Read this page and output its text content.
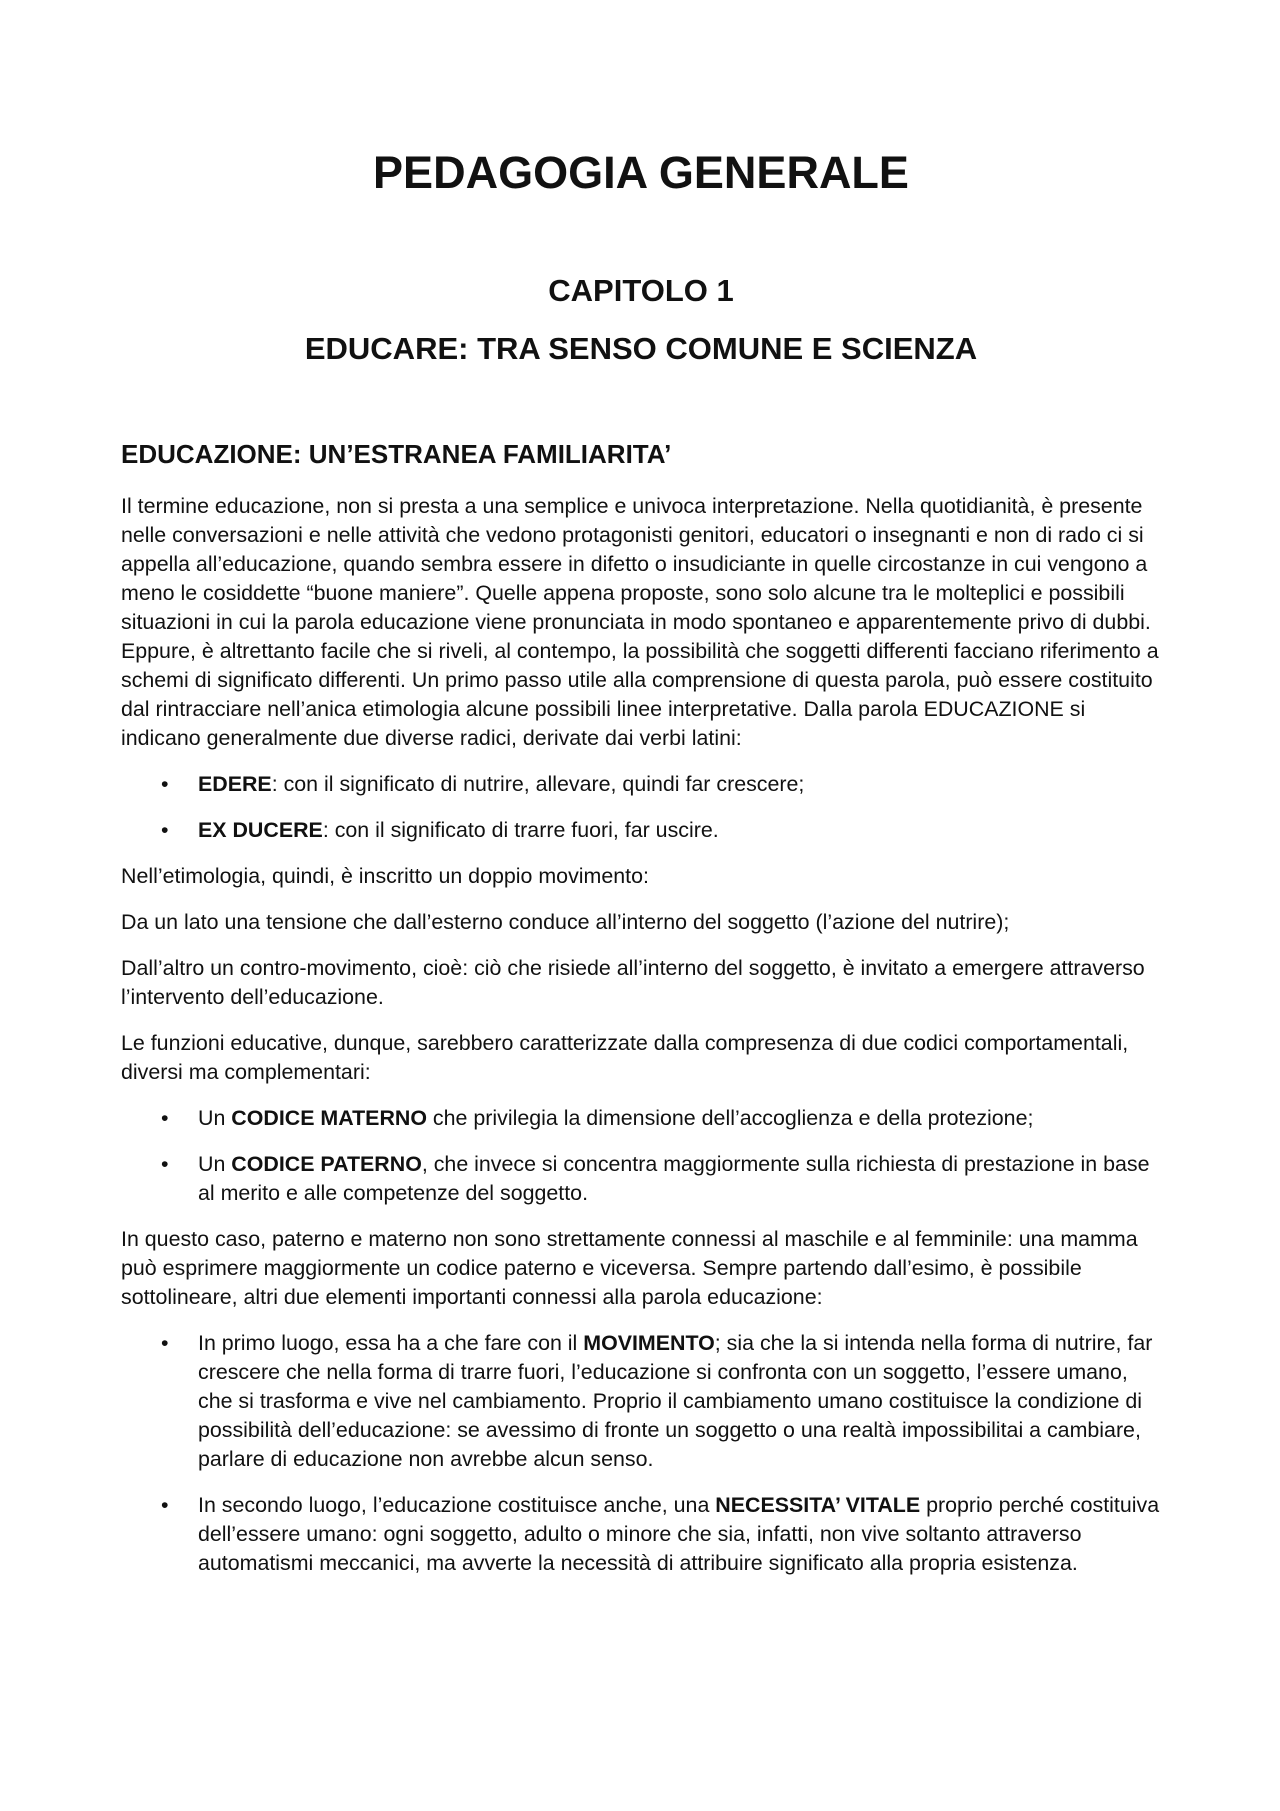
PEDAGOGIA GENERALE
CAPITOLO 1
EDUCARE: TRA SENSO COMUNE E SCIENZA
EDUCAZIONE: UN’ESTRANEA FAMILIARITA’

Il termine educazione, non si presta a una semplice e univoca interpretazione. Nella quotidianità, è presente nelle conversazioni e nelle attività che vedono protagonisti genitori, educatori o insegnanti e non di rado ci si appella all’educazione, quando sembra essere in difetto o insudiciante in quelle circostanze in cui vengono a meno le cosiddette “buone maniere”. Quelle appena proposte, sono solo alcune tra le molteplici e possibili situazioni in cui la parola educazione viene pronunciata in modo spontaneo e apparentemente privo di dubbi. Eppure, è altrettanto facile che si riveli, al contempo, la possibilità che soggetti differenti facciano riferimento a schemi di significato differenti. Un primo passo utile alla comprensione di questa parola, può essere costituito dal rintracciare nell’anica etimologia alcune possibili linee interpretative. Dalla parola EDUCAZIONE si indicano generalmente due diverse radici, derivate dai verbi latini:

• EDERE: con il significato di nutrire, allevare, quindi far crescere;
• EX DUCERE: con il significato di trarre fuori, far uscire.

Nell’etimologia, quindi, è inscritto un doppio movimento:

Da un lato una tensione che dall’esterno conduce all’interno del soggetto (l’azione del nutrire);

Dall’altro un contro-movimento, cioè: ciò che risiede all’interno del soggetto, è invitato a emergere attraverso l’intervento dell’educazione.

Le funzioni educative, dunque, sarebbero caratterizzate dalla compresenza di due codici comportamentali, diversi ma complementari:

• Un CODICE MATERNO che privilegia la dimensione dell’accoglienza e della protezione;
• Un CODICE PATERNO, che invece si concentra maggiormente sulla richiesta di prestazione in base al merito e alle competenze del soggetto.

In questo caso, paterno e materno non sono strettamente connessi al maschile e al femminile: una mamma può esprimere maggiormente un codice paterno e viceversa. Sempre partendo dall’esimo, è possibile sottolineare, altri due elementi importanti connessi alla parola educazione:

• In primo luogo, essa ha a che fare con il MOVIMENTO; sia che la si intenda nella forma di nutrire, far crescere che nella forma di trarre fuori, l’educazione si confronta con un soggetto, l’essere umano, che si trasforma e vive nel cambiamento. Proprio il cambiamento umano costituisce la condizione di possibilità dell’educazione: se avessimo di fronte un soggetto o una realtà impossibilitai a cambiare, parlare di educazione non avrebbe alcun senso.
• In secondo luogo, l’educazione costituisce anche, una NECESSITA’ VITALE proprio perché costituiva dell’essere umano: ogni soggetto, adulto o minore che sia, infatti, non vive soltanto attraverso automatismi meccanici, ma avverte la necessità di attribuire significato alla propria esistenza.
